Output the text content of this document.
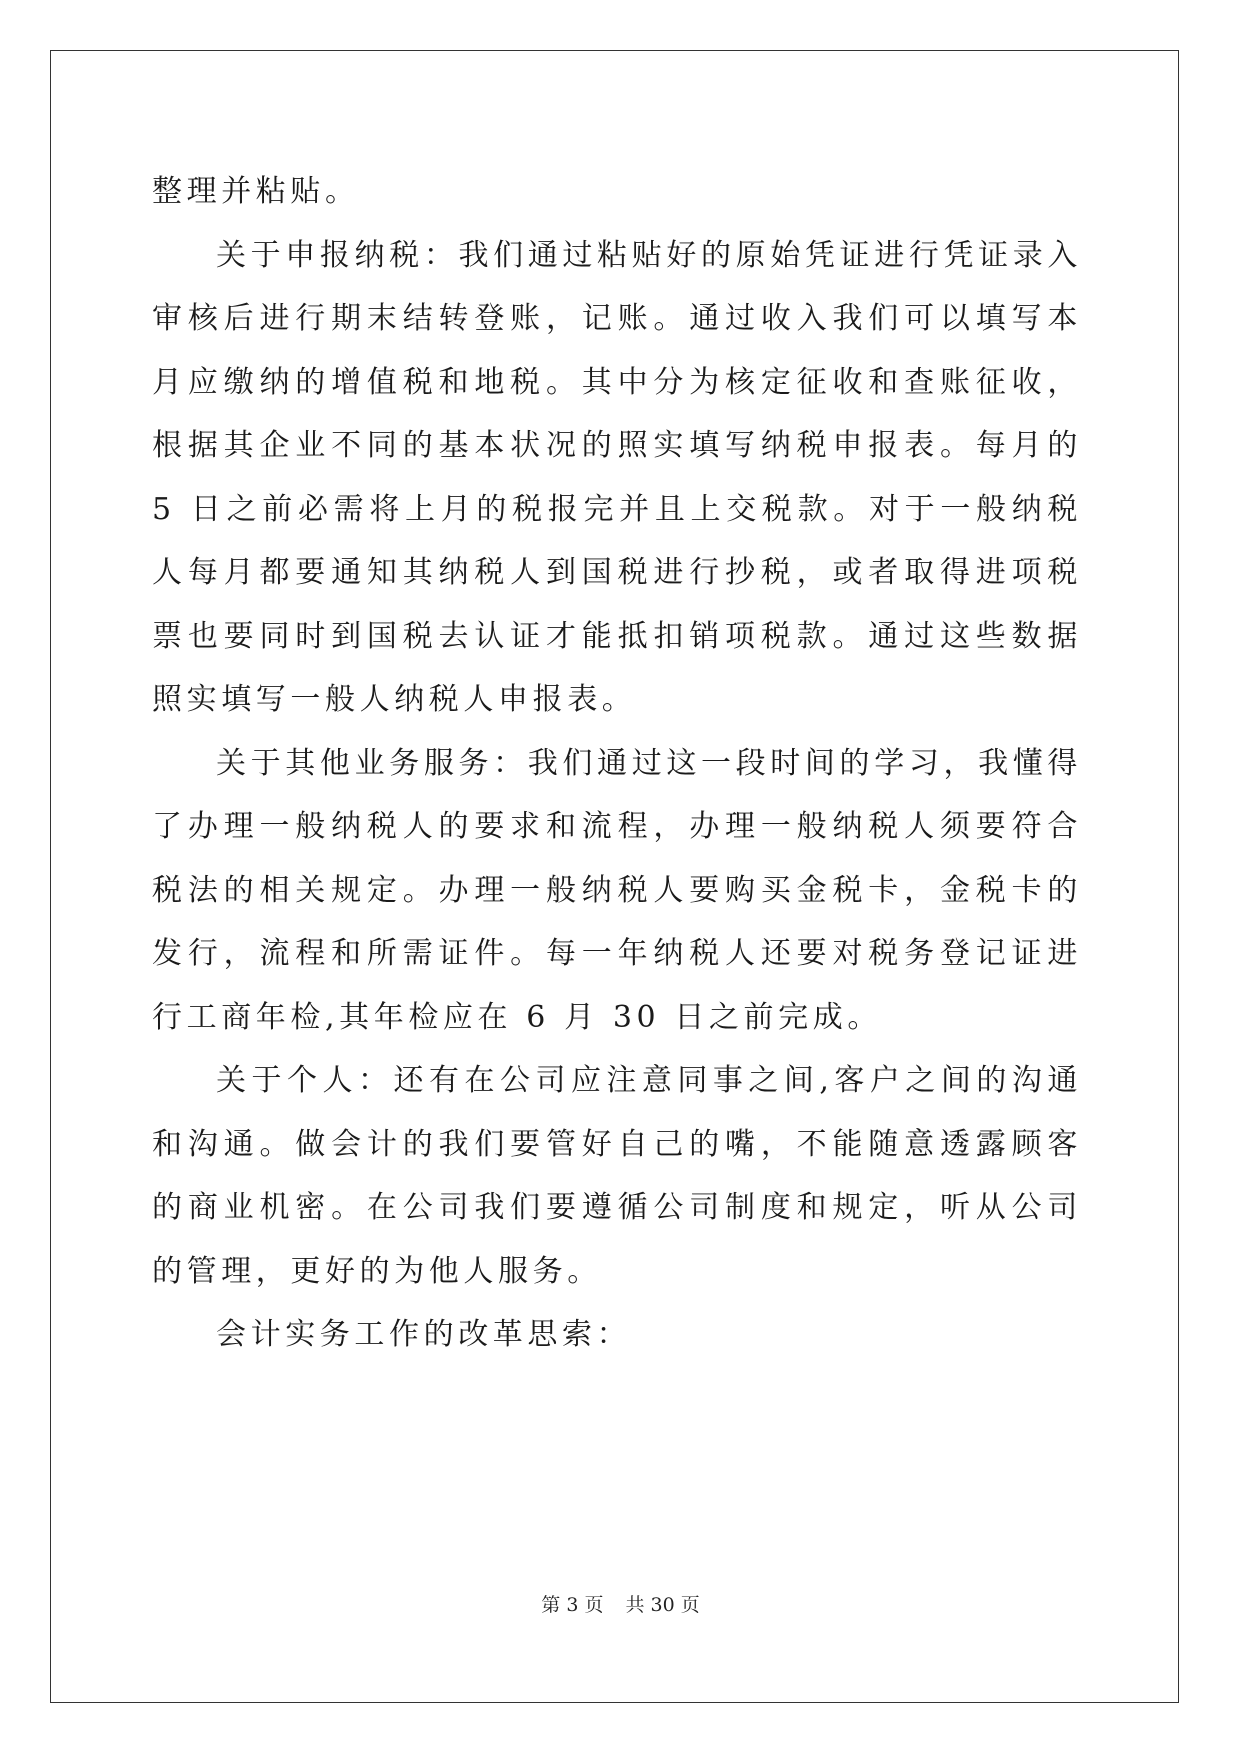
整理并粘贴。

关于申报纳税：我们通过粘贴好的原始凭证进行凭证录入审核后进行期末结转登账，记账。通过收入我们可以填写本月应缴纳的增值税和地税。其中分为核定征收和查账征收，根据其企业不同的基本状况的照实填写纳税申报表。每月的 5 日之前必需将上月的税报完并且上交税款。对于一般纳税人每月都要通知其纳税人到国税进行抄税，或者取得进项税票也要同时到国税去认证才能抵扣销项税款。通过这些数据照实填写一般人纳税人申报表。

关于其他业务服务：我们通过这一段时间的学习，我懂得了办理一般纳税人的要求和流程，办理一般纳税人须要符合税法的相关规定。办理一般纳税人要购买金税卡，金税卡的发行，流程和所需证件。每一年纳税人还要对税务登记证进行工商年检,其年检应在 6 月 30 日之前完成。

关于个人：还有在公司应注意同事之间,客户之间的沟通和沟通。做会计的我们要管好自己的嘴，不能随意透露顾客的商业机密。在公司我们要遵循公司制度和规定，听从公司的管理，更好的为他人服务。

会计实务工作的改革思索：

第 3 页 共 30 页
